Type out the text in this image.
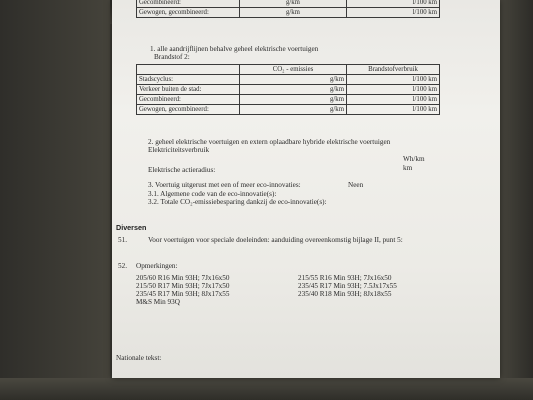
Gecombineerd:	g/km	l/100 km
Gewogen, gecombineerd:	g/km	l/100 km
1. alle aandrijflijnen behalve geheel elektrische voertuigen
Brandstof 2:
	CO₂ - emissies	Brandstofverbruik
Stadscyclus:	g/km	l/100 km
Verkeer buiten de stad:	g/km	l/100 km
Gecombineerd:	g/km	l/100 km
Gewogen, gecombineerd:	g/km	l/100 km
2. geheel elektrische voertuigen en extern oplaadbare hybride elektrische voertuigen
Elektriciteitsverbruik
Wh/km
Elektrische actieradius:	km
3. Voertuig uitgerust met een of meer eco-innovaties:	Neen
3.1. Algemene code van de eco-innovatie(s):
3.2. Totale CO₂-emissiebesparing dankzij de eco-innovatie(s):
Diversen
51.	Voor voertuigen voor speciale doeleinden: aanduiding overeenkomstig bijlage II, punt 5:
52. Opmerkingen:
205/60 R16 Min 93H; 7Jx16x50
215/50 R17 Min 93H; 7Jx17x50
235/45 R17 Min 93H; 8Jx17x55
M&S Min 93Q
215/55 R16 Min 93H; 7Jx16x50
235/45 R17 Min 93H; 7.5Jx17x55
235/40 R18 Min 93H; 8Jx18x55
Nationale tekst:
